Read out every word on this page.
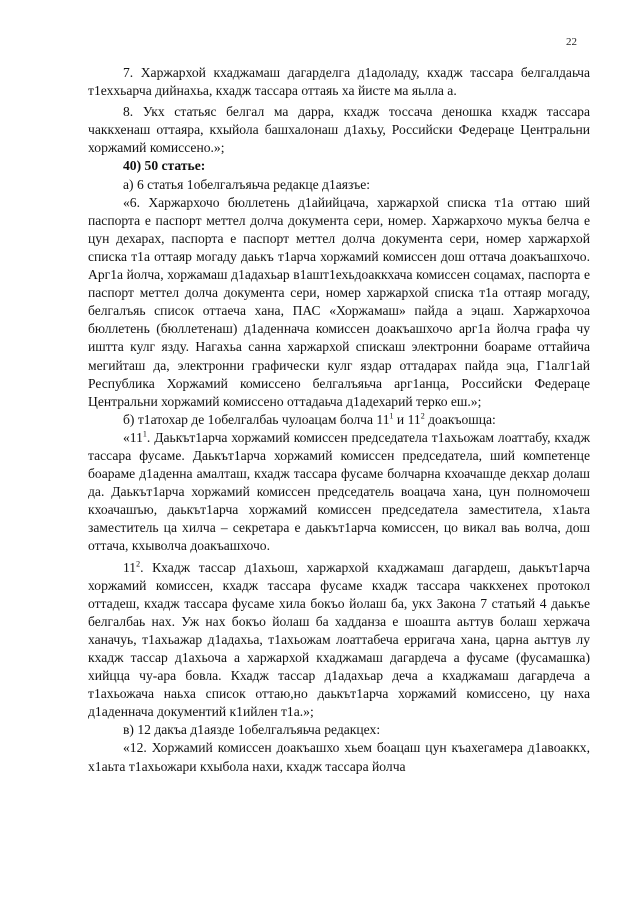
22

7. Харжархой кхаджамаш дагарделга д1адоладу, кхадж тассара белгалдаьча т1еххьарча дийнахьа, кхадж тассара оттаяь ха йисте ма яьлла а.

8. Укх статьяс белгал ма дарра, кхадж тоссача деношка кхадж тассара чаккхенаш оттаяра, кхыйола башхалонаш д1ахьу, Российски Федераце Центральни хоржамий комиссено.»;

40) 50 статье:

а) 6 статья 1обелгалъяьча редакце д1аязъе:

«6. Харжархочо бюллетень д1айийцача, харжархой списка т1а оттаю ший паспорта е паспорт меттел долча документа сери, номер. Харжархочо мукъа белча е цун дехарах, паспорта е паспорт меттел долча документа сери, номер харжархой списка т1а оттаяр могаду даькъ т1арча хоржамий комиссен дош оттача доакъашхочо. Арг1а йолча, хоржамаш д1адахьар в1ашт1ехьдоаккхача комиссен соцамах, паспорта е паспорт меттел долча документа сери, номер харжархой списка т1а оттаяр могаду, белгалъяь список оттаеча хана, ПАС «Хоржамаш» пайда а эцаш. Харжархочоа бюллетень (бюллетенаш) д1аденнача комиссен доакъашхочо арг1а йолча графа чу иштта кулг яздy. Нагахьа санна харжархой спискаш электронни боарамe оттайича мегийташ да, электронни графически кулг яздар оттадарах пайда эца, Г1алг1ай Республика Хоржамий комиссено белгалъяьча арг1анца, Российски Федераце Центральни хоржамий комиссено оттадаьча д1адехарий терко еш.»;

б) т1атохар де 1обелгалбаь чулоацам болча $11^1$ и $11^2$ доакъошца:

«$11^1$. Даькът1арча хоржамий комиссен председатела т1ахьожам лоаттабу, кхадж тассара фусаме. Даькът1арча хоржамий комиссен председатела, ший компетенце боараме д1аденна амалташ, кхадж тассара фусаме болчарна кхоачашде декхар долаш да. Даькът1арча хоржамий комиссен председатель воацача хана, цун полномочеш кхоачашъю, даькът1арча хоржамий комиссен председатела заместителa, х1аьта заместитель ца хилча – секретара е даькът1арча комиссен, цо викал ваь волча, дош оттача, кхыволча доакъашхочо.

$11^2$. Кхадж тассар д1ахьош, харжархой кхаджамаш дагардеш, даькът1арча хоржамий комиссен, кхадж тассара фусаме кхадж тассара чаккхенех протокол оттадеш, кхадж тассара фусаме хила бокъо йолаш ба, укх Закона 7 статьяй 4 даькъе белгалбаь нах. Уж нах бокъо йолаш ба хадданза е шоашта аьттув болаш хержача ханачуь, т1ахьажар д1адахьа, т1ахьожам лоаттабеча ерригача хана, царна аьттув лу кхадж тассар д1ахьоча а харжархой кхаджамаш дагардеча а фусаме (фусамашка) хийцца чу-ара бовла. Кхадж тассар д1адахьар деча а кхаджамаш дагардеча а т1ахьожача наьха список оттаю,но даькът1арча хоржамий комиссено, цу наха д1аденнача документий к1ийлен т1а.»;

в) 12 дакъа д1аязде 1обелгалъяьча редакцех:

«12. Хоржамий комиссен доакъашхо хьем боацаш цун къахегамера д1авоаккх, х1аьта т1ахьожари кхыбола нахи, кхадж тассара йолча
